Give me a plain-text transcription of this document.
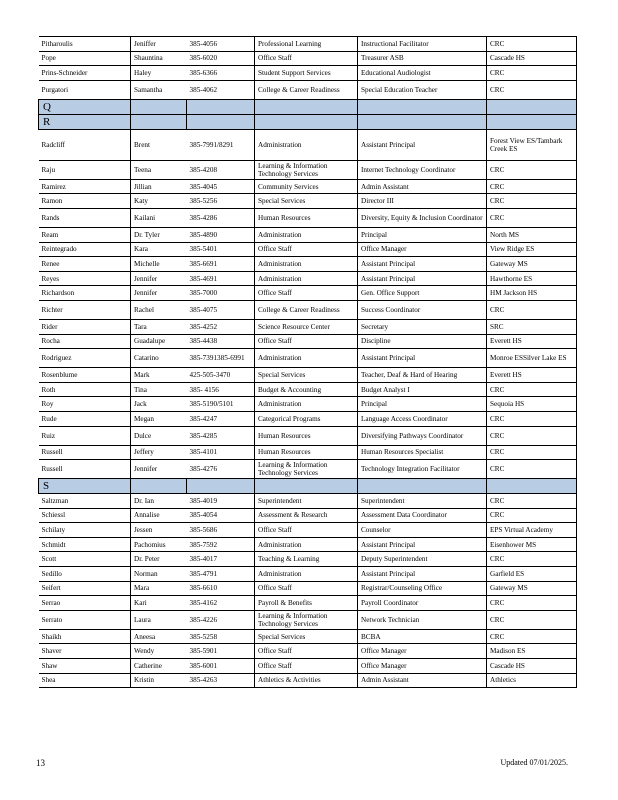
Pitharoulis	Jeniffer	385-4056	Professional Learning	Instructional Facilitator	CRC
Pope	Shauntina	385-6020	Office Staff	Treasurer ASB	Cascade HS
Prins-Schneider	Haley	385-6366	Student Support Services	Educational Audiologist	CRC
Purgatori	Samantha	385-4062	College & Career Readiness	Special Education Teacher	CRC
Q					
R					
Radcliff	Brent	385-7991/8291	Administration	Assistant Principal	Forest View ES/Tambark Creek ES
Raju	Teena	385-4208	Learning & Information Technology Services	Internet Technology Coordinator	CRC
Ramirez	Jillian	385-4045	Community Services	Admin Assistant	CRC
Ramon	Katy	385-5256	Special Services	Director III	CRC
Rands	Kailani	385-4286	Human Resources	Diversity, Equity & Inclusion Coordinator	CRC
Ream	Dr. Tyler	385-4890	Administration	Principal	North MS
Reintegrado	Kara	385-5401	Office Staff	Office Manager	View Ridge ES
Renee	Michelle	385-6691	Administration	Assistant Principal	Gateway MS
Reyes	Jennifer	385-4691	Administration	Assistant Principal	Hawthorne ES
Richardson	Jennifer	385-7000	Office Staff	Gen. Office Support	HM Jackson HS
Richter	Rachel	385-4075	College & Career Readiness	Success Coordinator	CRC
Rider	Tara	385-4252	Science Resource Center	Secretary	SRC
Rocha	Guadalupe	385-4438	Office Staff	Discipline	Everett HS
Rodriguez	Catarino	385-7391385-6991	Administration	Assistant Principal	Monroe ESSilver Lake ES
Rosenblume	Mark	425-505-3470	Special Services	Teacher, Deaf & Hard of Hearing	Everett HS
Roth	Tina	385- 4156	Budget & Accounting	Budget Analyst I	CRC
Roy	Jack	385-5190/5101	Administration	Principal	Sequoia HS
Rude	Megan	385-4247	Categorical Programs	Language Access Coordinator	CRC
Ruiz	Dulce	385-4285	Human Resources	Diversifying Pathways Coordinator	CRC
Russell	Jeffery	385-4101	Human Resources	Human Resources Specialist	CRC
Russell	Jennifer	385-4276	Learning & Information Technology Services	Technology Integration Facilitator	CRC
S					
Saltzman	Dr. Ian	385-4019	Superintendent	Superintendent	CRC
Schiessl	Annalise	385-4054	Assessment & Research	Assessment Data Coordinator	CRC
Schilaty	Jessen	385-5686	Office Staff	Counselor	EPS Virtual Academy
Schmidt	Pachomius	385-7592	Administration	Assistant Principal	Eisenhower MS
Scott	Dr. Peter	385-4017	Teaching & Learning	Deputy Superintendent	CRC
Sedillo	Norman	385-4791	Administration	Assistant Principal	Garfield ES
Seifert	Mara	385-6610	Office Staff	Registrar/Counseling Office	Gateway MS
Serrao	Kari	385-4162	Payroll & Benefits	Payroll Coordinator	CRC
Serrato	Laura	385-4226	Learning & Information Technology Services	Network Technician	CRC
Shaikh	Aneesa	385-5258	Special Services	BCBA	CRC
Shaver	Wendy	385-5901	Office Staff	Office Manager	Madison ES
Shaw	Catherine	385-6001	Office Staff	Office Manager	Cascade HS
Shea	Kristin	385-4263	Athletics & Activities	Admin Assistant	Athletics
13	Updated 07/01/2025.
